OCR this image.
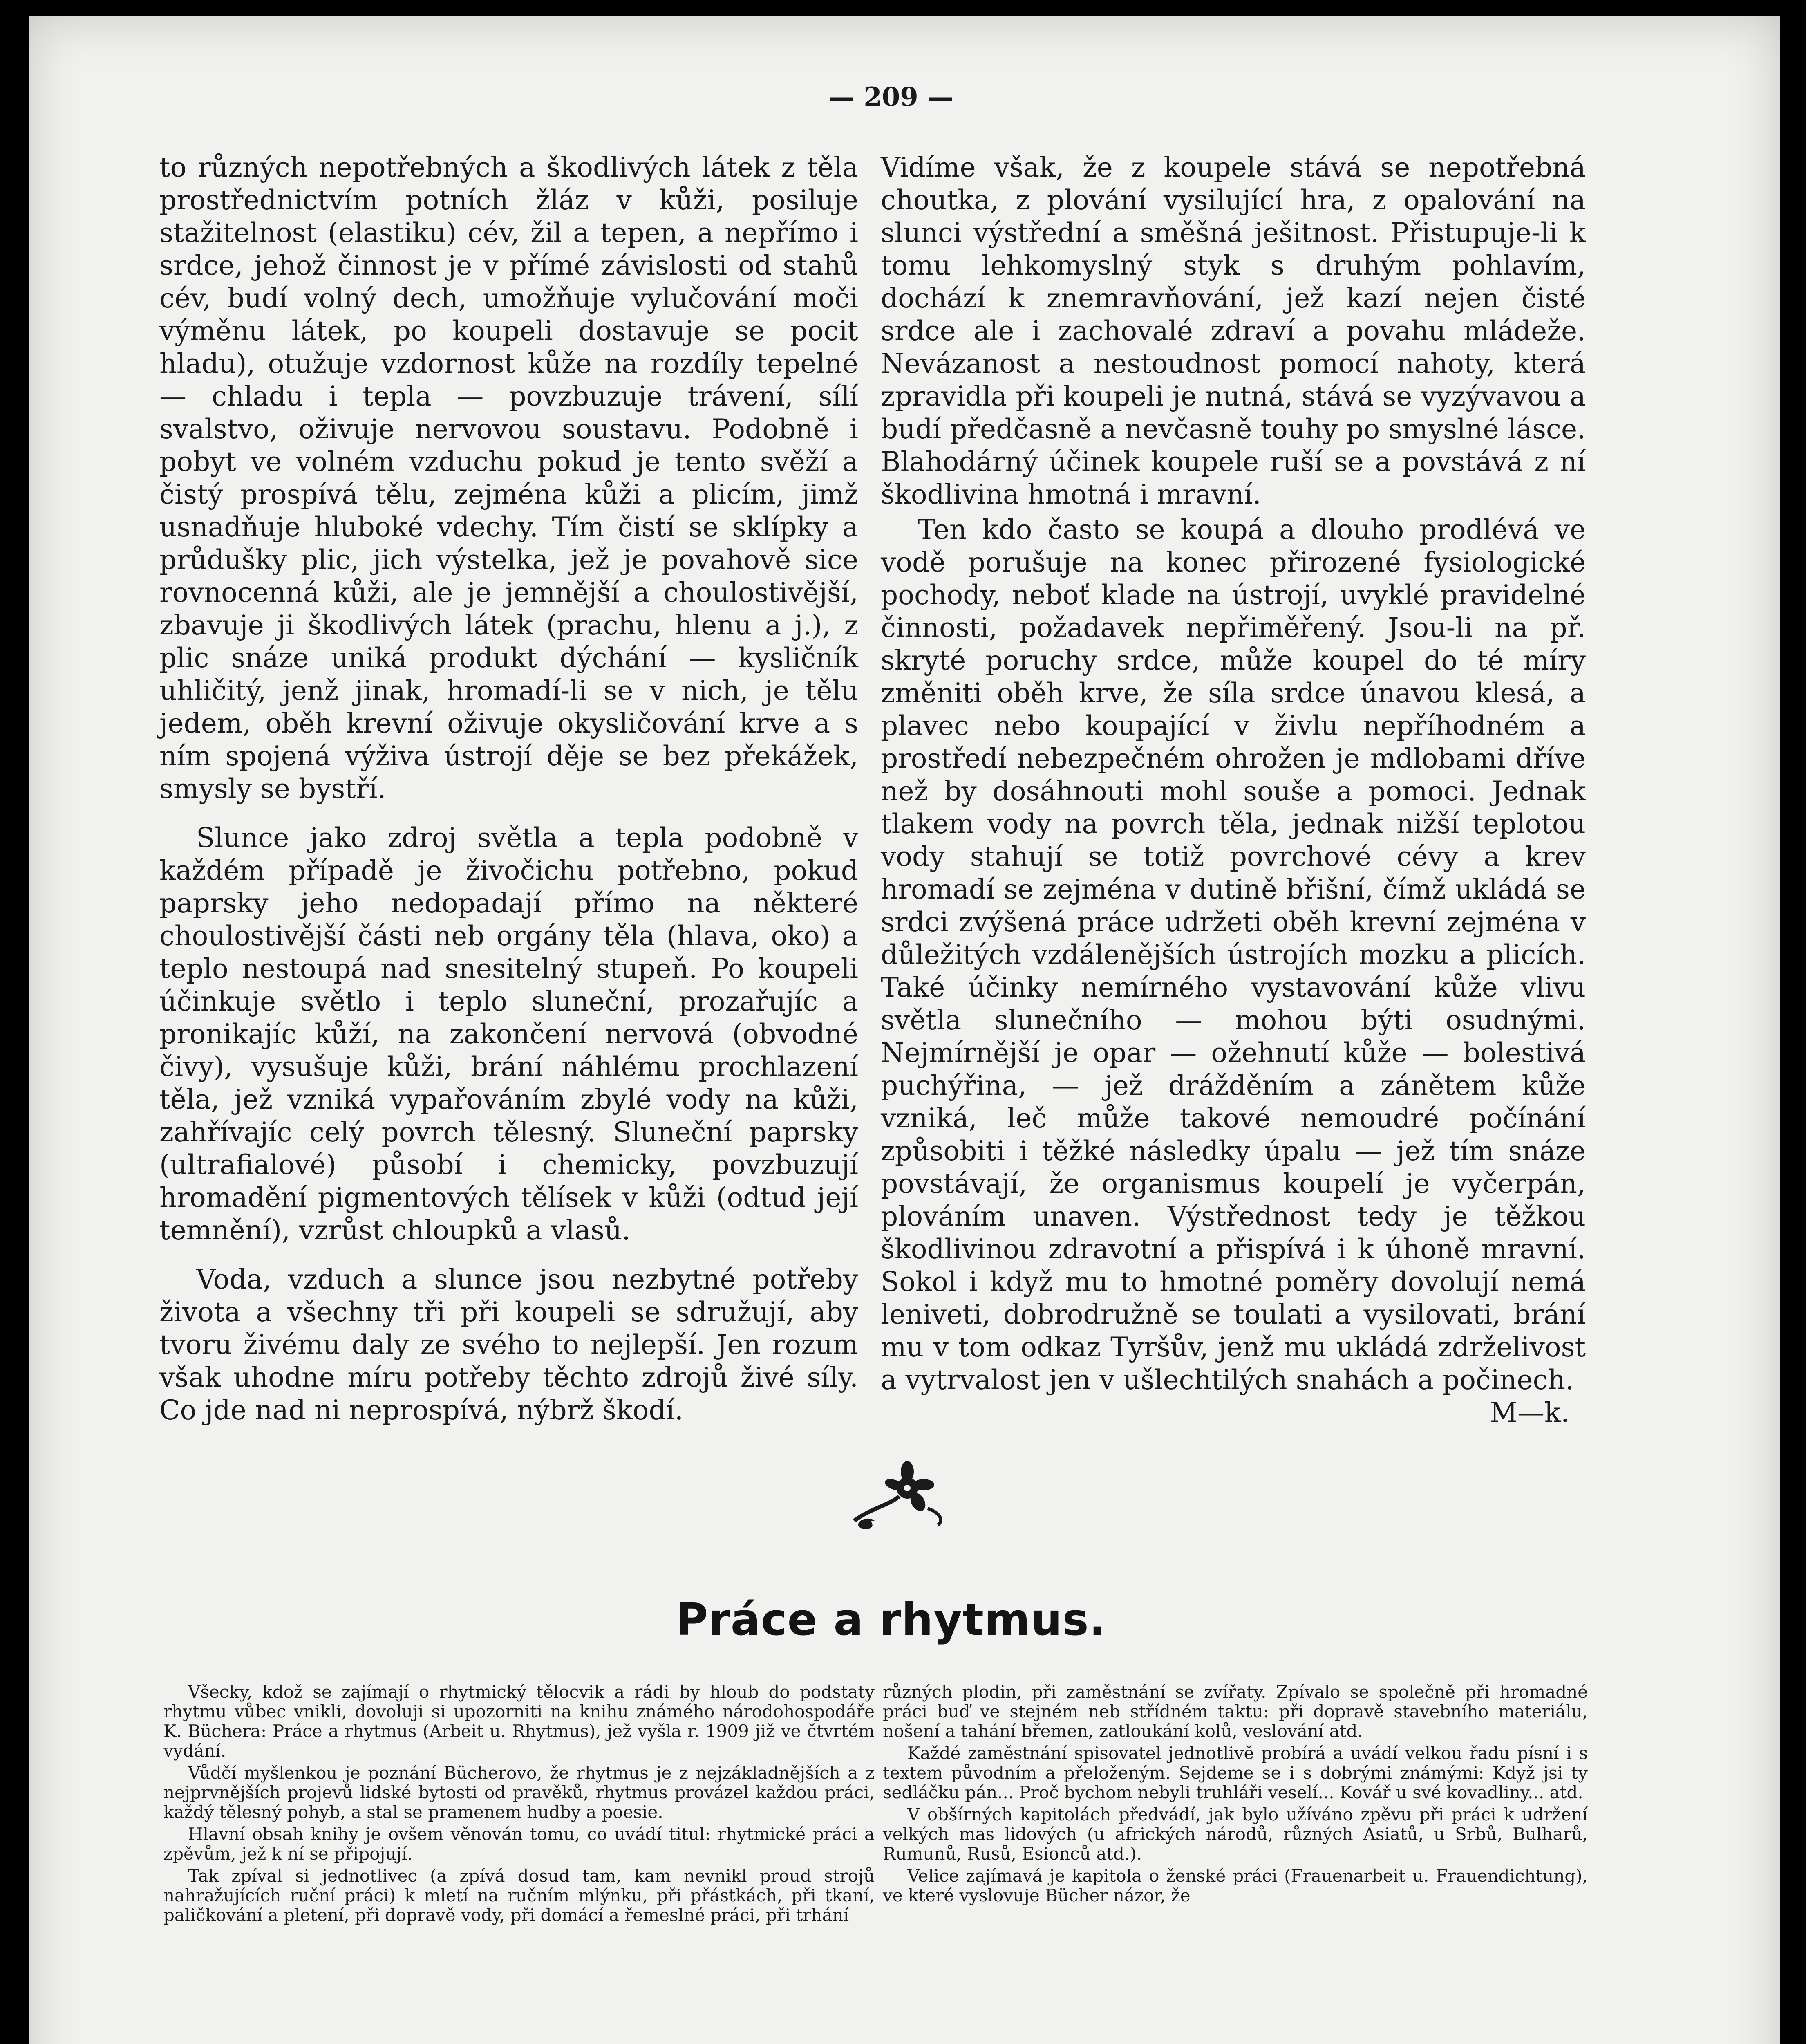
— 209 —

to různých nepotřebných a škodlivých látek z těla prostřednictvím potních žláz v kůži, posiluje stažitelnost (elastiku) cév, žil a tepen, a nepřímo i srdce, jehož činnost je v přímé závislosti od stahů cév, budí volný dech, umožňuje vylučování moči výměnu látek, po koupeli dostavuje se pocit hladu), otužuje vzdornost kůže na rozdíly tepelné — chladu i tepla — povzbuzuje trávení, sílí svalstvo, oživuje nervovou soustavu. Podobně i pobyt ve volném vzduchu pokud je tento svěží a čistý prospívá tělu, zejména kůži a plicím, jimž usnadňuje hluboké vdechy. Tím čistí se sklípky a průdušky plic, jich výstelka, jež je povahově sice rovnocenná kůži, ale je jemnější a choulostivější, zbavuje ji škodlivých látek (prachu, hlenu a j.), z plic snáze uniká produkt dýchání — kysličník uhličitý, jenž jinak, hromadí-li se v nich, je tělu jedem, oběh krevní oživuje okysličování krve a s ním spojená výživa ústrojí děje se bez překážek, smysly se bystří.

Slunce jako zdroj světla a tepla podobně v každém případě je živočichu potřebno, pokud paprsky jeho nedopadají přímo na některé choulostivější části neb orgány těla (hlava, oko) a teplo nestoupá nad snesitelný stupeň. Po koupeli účinkuje světlo i teplo sluneční, prozařujíc a pronikajíc kůží, na zakončení nervová (obvodné čivy), vysušuje kůži, brání náhlému prochlazení těla, jež vzniká vypařováním zbylé vody na kůži, zahřívajíc celý povrch tělesný. Sluneční paprsky (ultrafialové) působí i chemicky, povzbuzují hromadění pigmentových tělísek v kůži (odtud její temnění), vzrůst chloupků a vlasů.

Voda, vzduch a slunce jsou nezbytné potřeby života a všechny tři při koupeli se sdružují, aby tvoru živému daly ze svého to nejlepší. Jen rozum však uhodne míru potřeby těchto zdrojů živé síly. Co jde nad ni neprospívá, nýbrž škodí.

Vidíme však, že z koupele stává se nepotřebná choutka, z plování vysilující hra, z opalování na slunci výstřední a směšná ješitnost. Přistupuje-li k tomu lehkomyslný styk s druhým pohlavím, dochází k znemravňování, jež kazí nejen čisté srdce ale i zachovalé zdraví a povahu mládeže. Nevázanost a nestoudnost pomocí nahoty, která zpravidla při koupeli je nutná, stává se vyzývavou a budí předčasně a nevčasně touhy po smyslné lásce. Blahodárný účinek koupele ruší se a povstává z ní škodlivina hmotná i mravní.

Ten kdo často se koupá a dlouho prodlévá ve vodě porušuje na konec přirozené fysiologické pochody, neboť klade na ústrojí, uvyklé pravidelné činnosti, požadavek nepřiměřený. Jsou-li na př. skryté poruchy srdce, může koupel do té míry změniti oběh krve, že síla srdce únavou klesá, a plavec nebo koupající v živlu nepříhodném a prostředí nebezpečném ohrožen je mdlobami dříve než by dosáhnouti mohl souše a pomoci. Jednak tlakem vody na povrch těla, jednak nižší teplotou vody stahují se totiž povrchové cévy a krev hromadí se zejména v dutině břišní, čímž ukládá se srdci zvýšená práce udržeti oběh krevní zejména v důležitých vzdálenějších ústrojích mozku a plicích. Také účinky nemírného vystavování kůže vlivu světla slunečního — mohou býti osudnými. Nejmírnější je opar — ožehnutí kůže — bolestivá puchýřina, — jež drážděním a zánětem kůže vzniká, leč může takové nemoudré počínání způsobiti i těžké následky úpalu — jež tím snáze povstávají, že organismus koupelí je vyčerpán, plováním unaven. Výstřednost tedy je těžkou škodlivinou zdravotní a přispívá i k úhoně mravní. Sokol i když mu to hmotné poměry dovolují nemá leniveti, dobrodružně se toulati a vysilovati, brání mu v tom odkaz Tyršův, jenž mu ukládá zdrželivost a vytrvalost jen v ušlechtilých snahách a počinech.

M—k.
Práce a rhytmus.

Všecky, kdož se zajímají o rhytmický tělocvik a rádi by hloub do podstaty rhytmu vůbec vnikli, dovoluji si upozorniti na knihu známého národohospodáře K. Büchera: Práce a rhytmus (Arbeit u. Rhytmus), jež vyšla r. 1909 již ve čtvrtém vydání.

Vůdčí myšlenkou je poznání Bücherovo, že rhytmus je z nejzákladnějších a z nejprvnějších projevů lidské bytosti od pravěků, rhytmus provázel každou práci, každý tělesný pohyb, a stal se pramenem hudby a poesie.

Hlavní obsah knihy je ovšem věnován tomu, co uvádí titul: rhytmické práci a zpěvům, jež k ní se připojují.

Tak zpíval si jednotlivec (a zpívá dosud tam, kam nevnikl proud strojů nahražujících ruční práci) k mletí na ručním mlýnku, při přástkách, při tkaní, paličkování a pletení, při dopravě vody, při domácí a řemeslné práci, při trhání

různých plodin, při zaměstnání se zvířaty. Zpívalo se společně při hromadné práci buď ve stejném neb střídném taktu: při dopravě stavebního materiálu, nošení a tahání břemen, zatloukání kolů, veslování atd.

Každé zaměstnání spisovatel jednotlivě probírá a uvádí velkou řadu písní i s textem původním a přeloženým. Sejdeme se i s dobrými známými: Když jsi ty sedláčku pán... Proč bychom nebyli truhláři veselí... Kovář u své kovadliny... atd.

V obšírných kapitolách předvádí, jak bylo užíváno zpěvu při práci k udržení velkých mas lidových (u afrických národů, různých Asiatů, u Srbů, Bulharů, Rumunů, Rusů, Esionců atd.).

Velice zajímavá je kapitola o ženské práci (Frauenarbeit u. Frauendichtung), ve které vyslovuje Bücher názor, že
